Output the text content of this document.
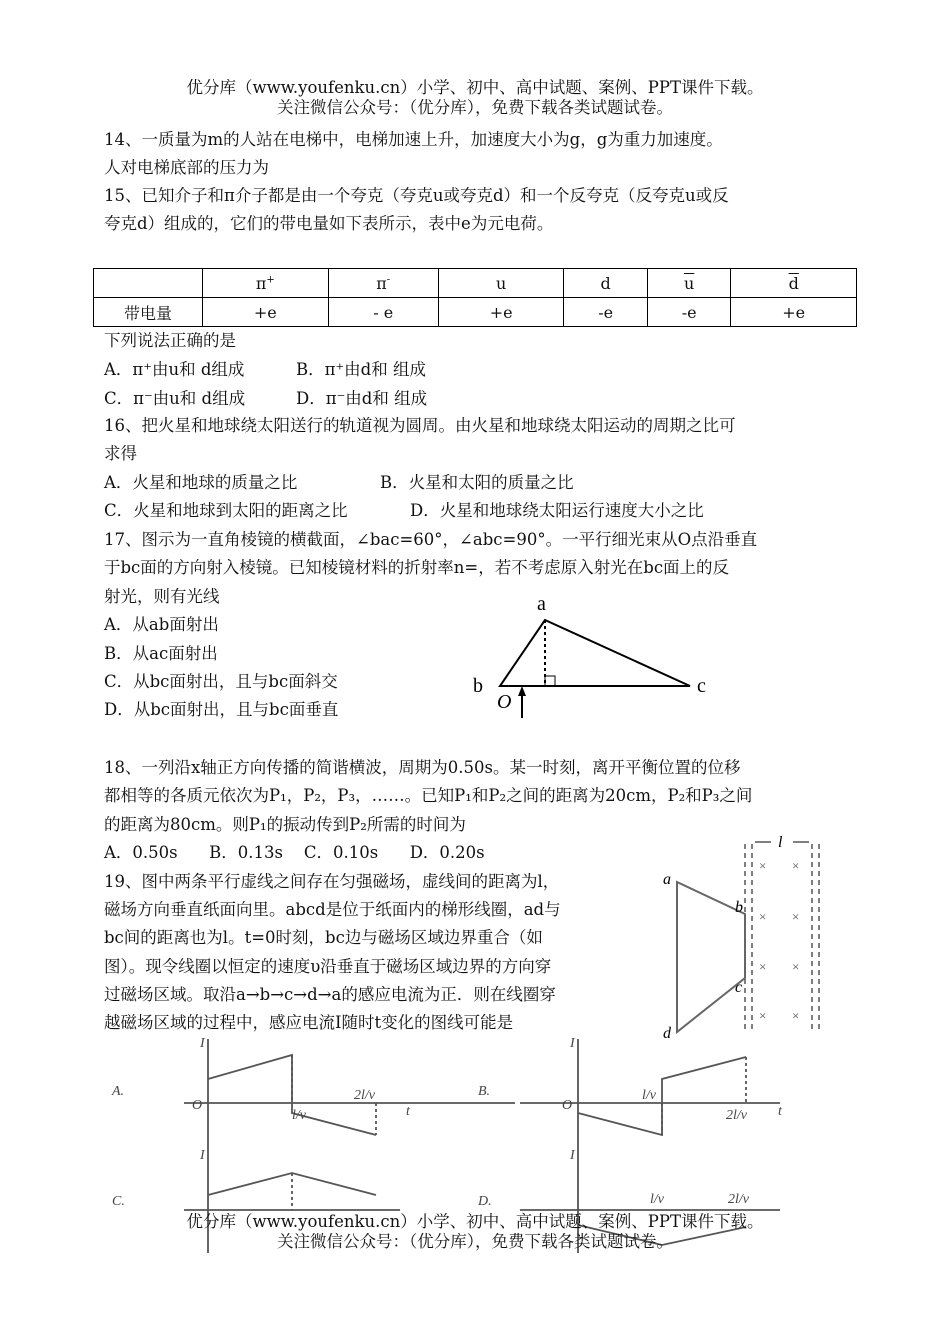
优分库（www.youfenku.cn）小学、初中、高中试题、案例、PPT课件下载。
关注微信公众号：（优分库），免费下载各类试题试卷。
14、一质量为m的人站在电梯中，电梯加速上升，加速度大小为g，g为重力加速度。
人对电梯底部的压力为
15、已知介子和π介子都是由一个夸克（夸克u或夸克d）和一个反夸克（反夸克u或反
夸克d）组成的，它们的带电量如下表所示，表中e为元电荷。
	π+	π-	u	d	$\overline{u}$	$\overline{d}$
带电量	+e	- e	+e	-e	-e	+e
下列说法正确的是
A．π⁺由u和 d组成	B．π⁺由d和 组成
C．π⁻由u和 d组成	D．π⁻由d和 组成
16、把火星和地球绕太阳送行的轨道视为圆周。由火星和地球绕太阳运动的周期之比可
求得
A．火星和地球的质量之比	B．火星和太阳的质量之比
C．火星和地球到太阳的距离之比	D．火星和地球绕太阳运行速度大小之比
17、图示为一直角棱镜的横截面，∠bac=60°，∠abc=90°。一平行细光束从O点沿垂直
于bc面的方向射入棱镜。已知棱镜材料的折射率n=，若不考虑原入射光在bc面上的反
射光，则有光线
A．从ab面射出
B．从ac面射出
C．从bc面射出，且与bc面斜交
D．从bc面射出，且与bc面垂直
a
b	c
O
18、一列沿x轴正方向传播的简谐横波，周期为0.50s。某一时刻，离开平衡位置的位移
都相等的各质元依次为P₁，P₂，P₃，……。已知P₁和P₂之间的距离为20cm，P₂和P₃之间
的距离为80cm。则P₁的振动传到P₂所需的时间为
A．0.50s      B．0.13s    C．0.10s      D．0.20s
19、图中两条平行虚线之间存在匀强磁场，虚线间的距离为l，
磁场方向垂直纸面向里。abcd是位于纸面内的梯形线圈，ad与
bc间的距离也为l。t=0时刻，bc边与磁场区域边界重合（如
图）。现令线圈以恒定的速度υ沿垂直于磁场区域边界的方向穿
过磁场区域。取沿a→b→c→d→a的感应电流为正．则在线圈穿
越磁场区域的过程中，感应电流I随时t变化的图线可能是
l
a
b
c
d
× ×
× ×
× ×
× ×
A.
I
O
l/v
2l/v
t
B.
I
O
l/v
2l/v t
I	I
C.	D.	l/v	2l/v
优分库（www.youfenku.cn）小学、初中、高中试题、案例、PPT课件下载。
关注微信公众号：（优分库），免费下载各类试题试卷。
